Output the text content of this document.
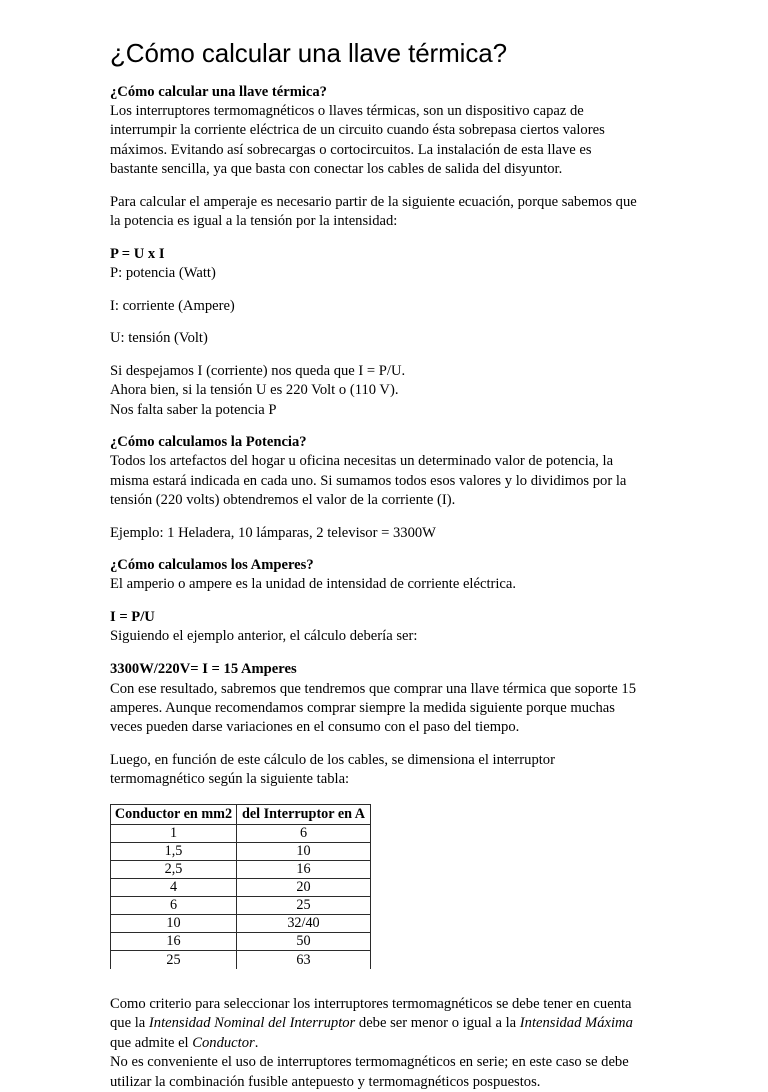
¿Cómo calcular una llave térmica?

¿Cómo calcular una llave térmica?

Los interruptores termomagnéticos o llaves térmicas, son un dispositivo capaz de interrumpir la corriente eléctrica de un circuito cuando ésta sobrepasa ciertos valores máximos. Evitando así sobrecargas o cortocircuitos. La instalación de esta llave es bastante sencilla, ya que basta con conectar los cables de salida del disyuntor.

Para calcular el amperaje es necesario partir de la siguiente ecuación, porque sabemos que la potencia es igual a la tensión por la intensidad:

P = U x I

P: potencia (Watt)

I: corriente (Ampere)

U: tensión (Volt)

Si despejamos I (corriente) nos queda que I = P/U.

Ahora bien, si la tensión U es 220 Volt o (110 V).

Nos falta saber la potencia P

¿Cómo calculamos la Potencia?

Todos los artefactos del hogar u oficina necesitas un determinado valor de potencia, la misma estará indicada en cada uno. Si sumamos todos esos valores y lo dividimos por la tensión (220 volts) obtendremos el valor de la corriente (I).

Ejemplo: 1 Heladera, 10 lámparas, 2 televisor = 3300W

¿Cómo calculamos los Amperes?

El amperio o ampere es la unidad de intensidad de corriente eléctrica.

I = P/U

Siguiendo el ejemplo anterior, el cálculo debería ser:

3300W/220V= I = 15 Amperes

Con ese resultado, sabremos que tendremos que comprar una llave térmica que soporte 15 amperes. Aunque recomendamos comprar siempre la medida siguiente porque muchas veces pueden darse variaciones en el consumo con el paso del tiempo.

Luego, en función de este cálculo de los cables, se dimensiona el interruptor termomagnético según la siguiente tabla:

Conductor en mm2	del Interruptor en A
1	6
1,5	10
2,5	16
4	20
6	25
10	32/40
16	50
25	63

Como criterio para seleccionar los interruptores termomagnéticos se debe tener en cuenta que la Intensidad Nominal del Interruptor debe ser menor o igual a la Intensidad Máxima que admite el Conductor.

No es conveniente el uso de interruptores termomagnéticos en serie; en este caso se debe utilizar la combinación fusible antepuesto y termomagnéticos pospuestos.
